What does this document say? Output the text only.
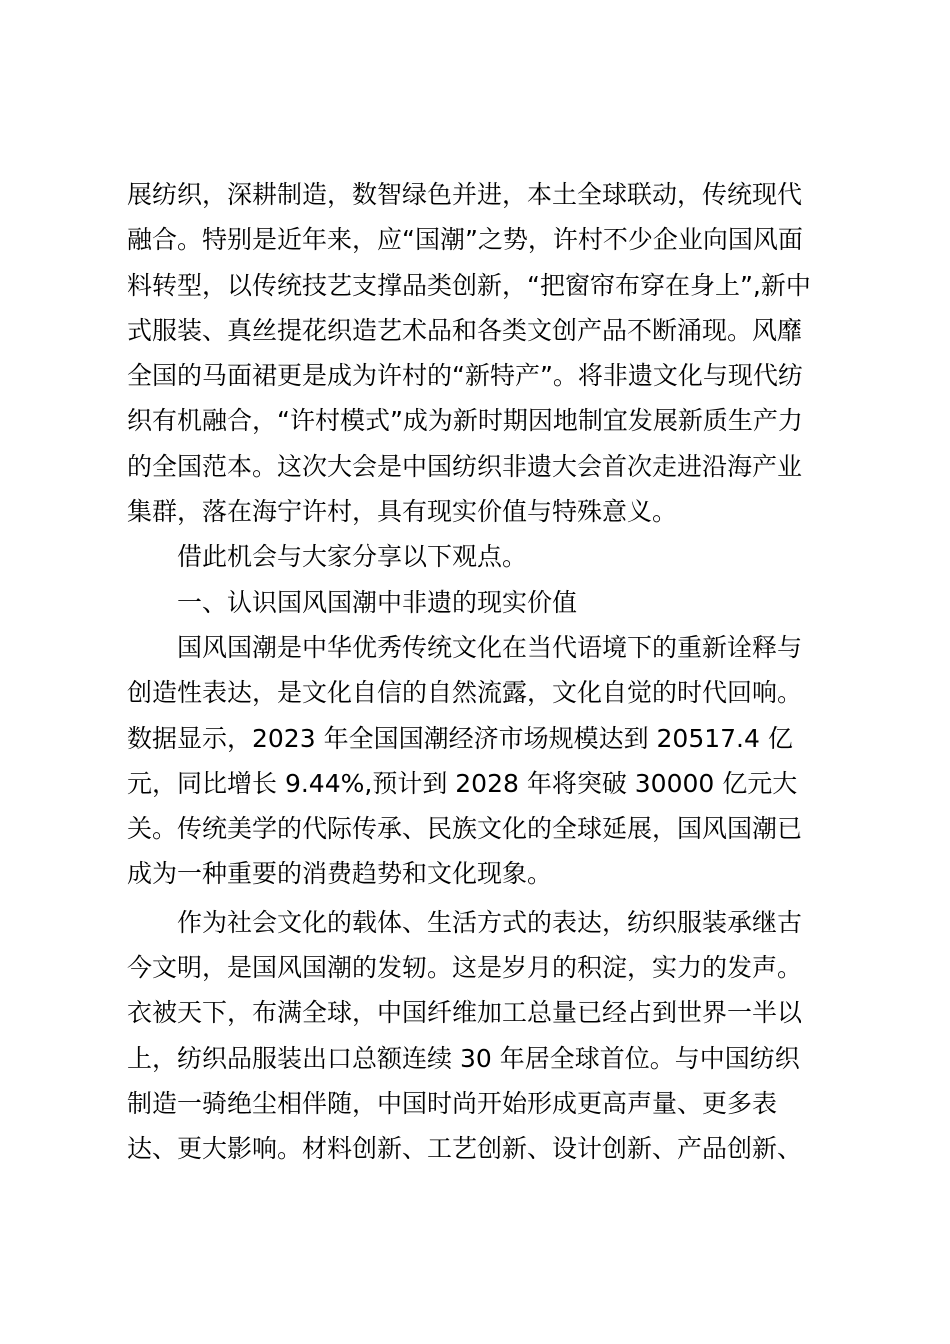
展纺织，深耕制造，数智绿色并进，本土全球联动，传统现代
融合。特别是近年来，应“国潮”之势，许村不少企业向国风面
料转型，以传统技艺支撑品类创新，“把窗帘布穿在身上”,新中
式服装、真丝提花织造艺术品和各类文创产品不断涌现。风靡
全国的马面裙更是成为许村的“新特产”。将非遗文化与现代纺
织有机融合，“许村模式”成为新时期因地制宜发展新质生产力
的全国范本。这次大会是中国纺织非遗大会首次走进沿海产业
集群，落在海宁许村，具有现实价值与特殊意义。
　　借此机会与大家分享以下观点。
　　一、认识国风国潮中非遗的现实价值
　　国风国潮是中华优秀传统文化在当代语境下的重新诠释与
创造性表达，是文化自信的自然流露，文化自觉的时代回响。
数据显示，2023 年全国国潮经济市场规模达到 20517.4 亿
元，同比增长 9.44%,预计到 2028 年将突破 30000 亿元大
关。传统美学的代际传承、民族文化的全球延展，国风国潮已
成为一种重要的消费趋势和文化现象。
　　作为社会文化的载体、生活方式的表达，纺织服装承继古
今文明，是国风国潮的发轫。这是岁月的积淀，实力的发声。
衣被天下，布满全球，中国纤维加工总量已经占到世界一半以
上，纺织品服装出口总额连续 30 年居全球首位。与中国纺织
制造一骑绝尘相伴随，中国时尚开始形成更高声量、更多表
达、更大影响。材料创新、工艺创新、设计创新、产品创新、
